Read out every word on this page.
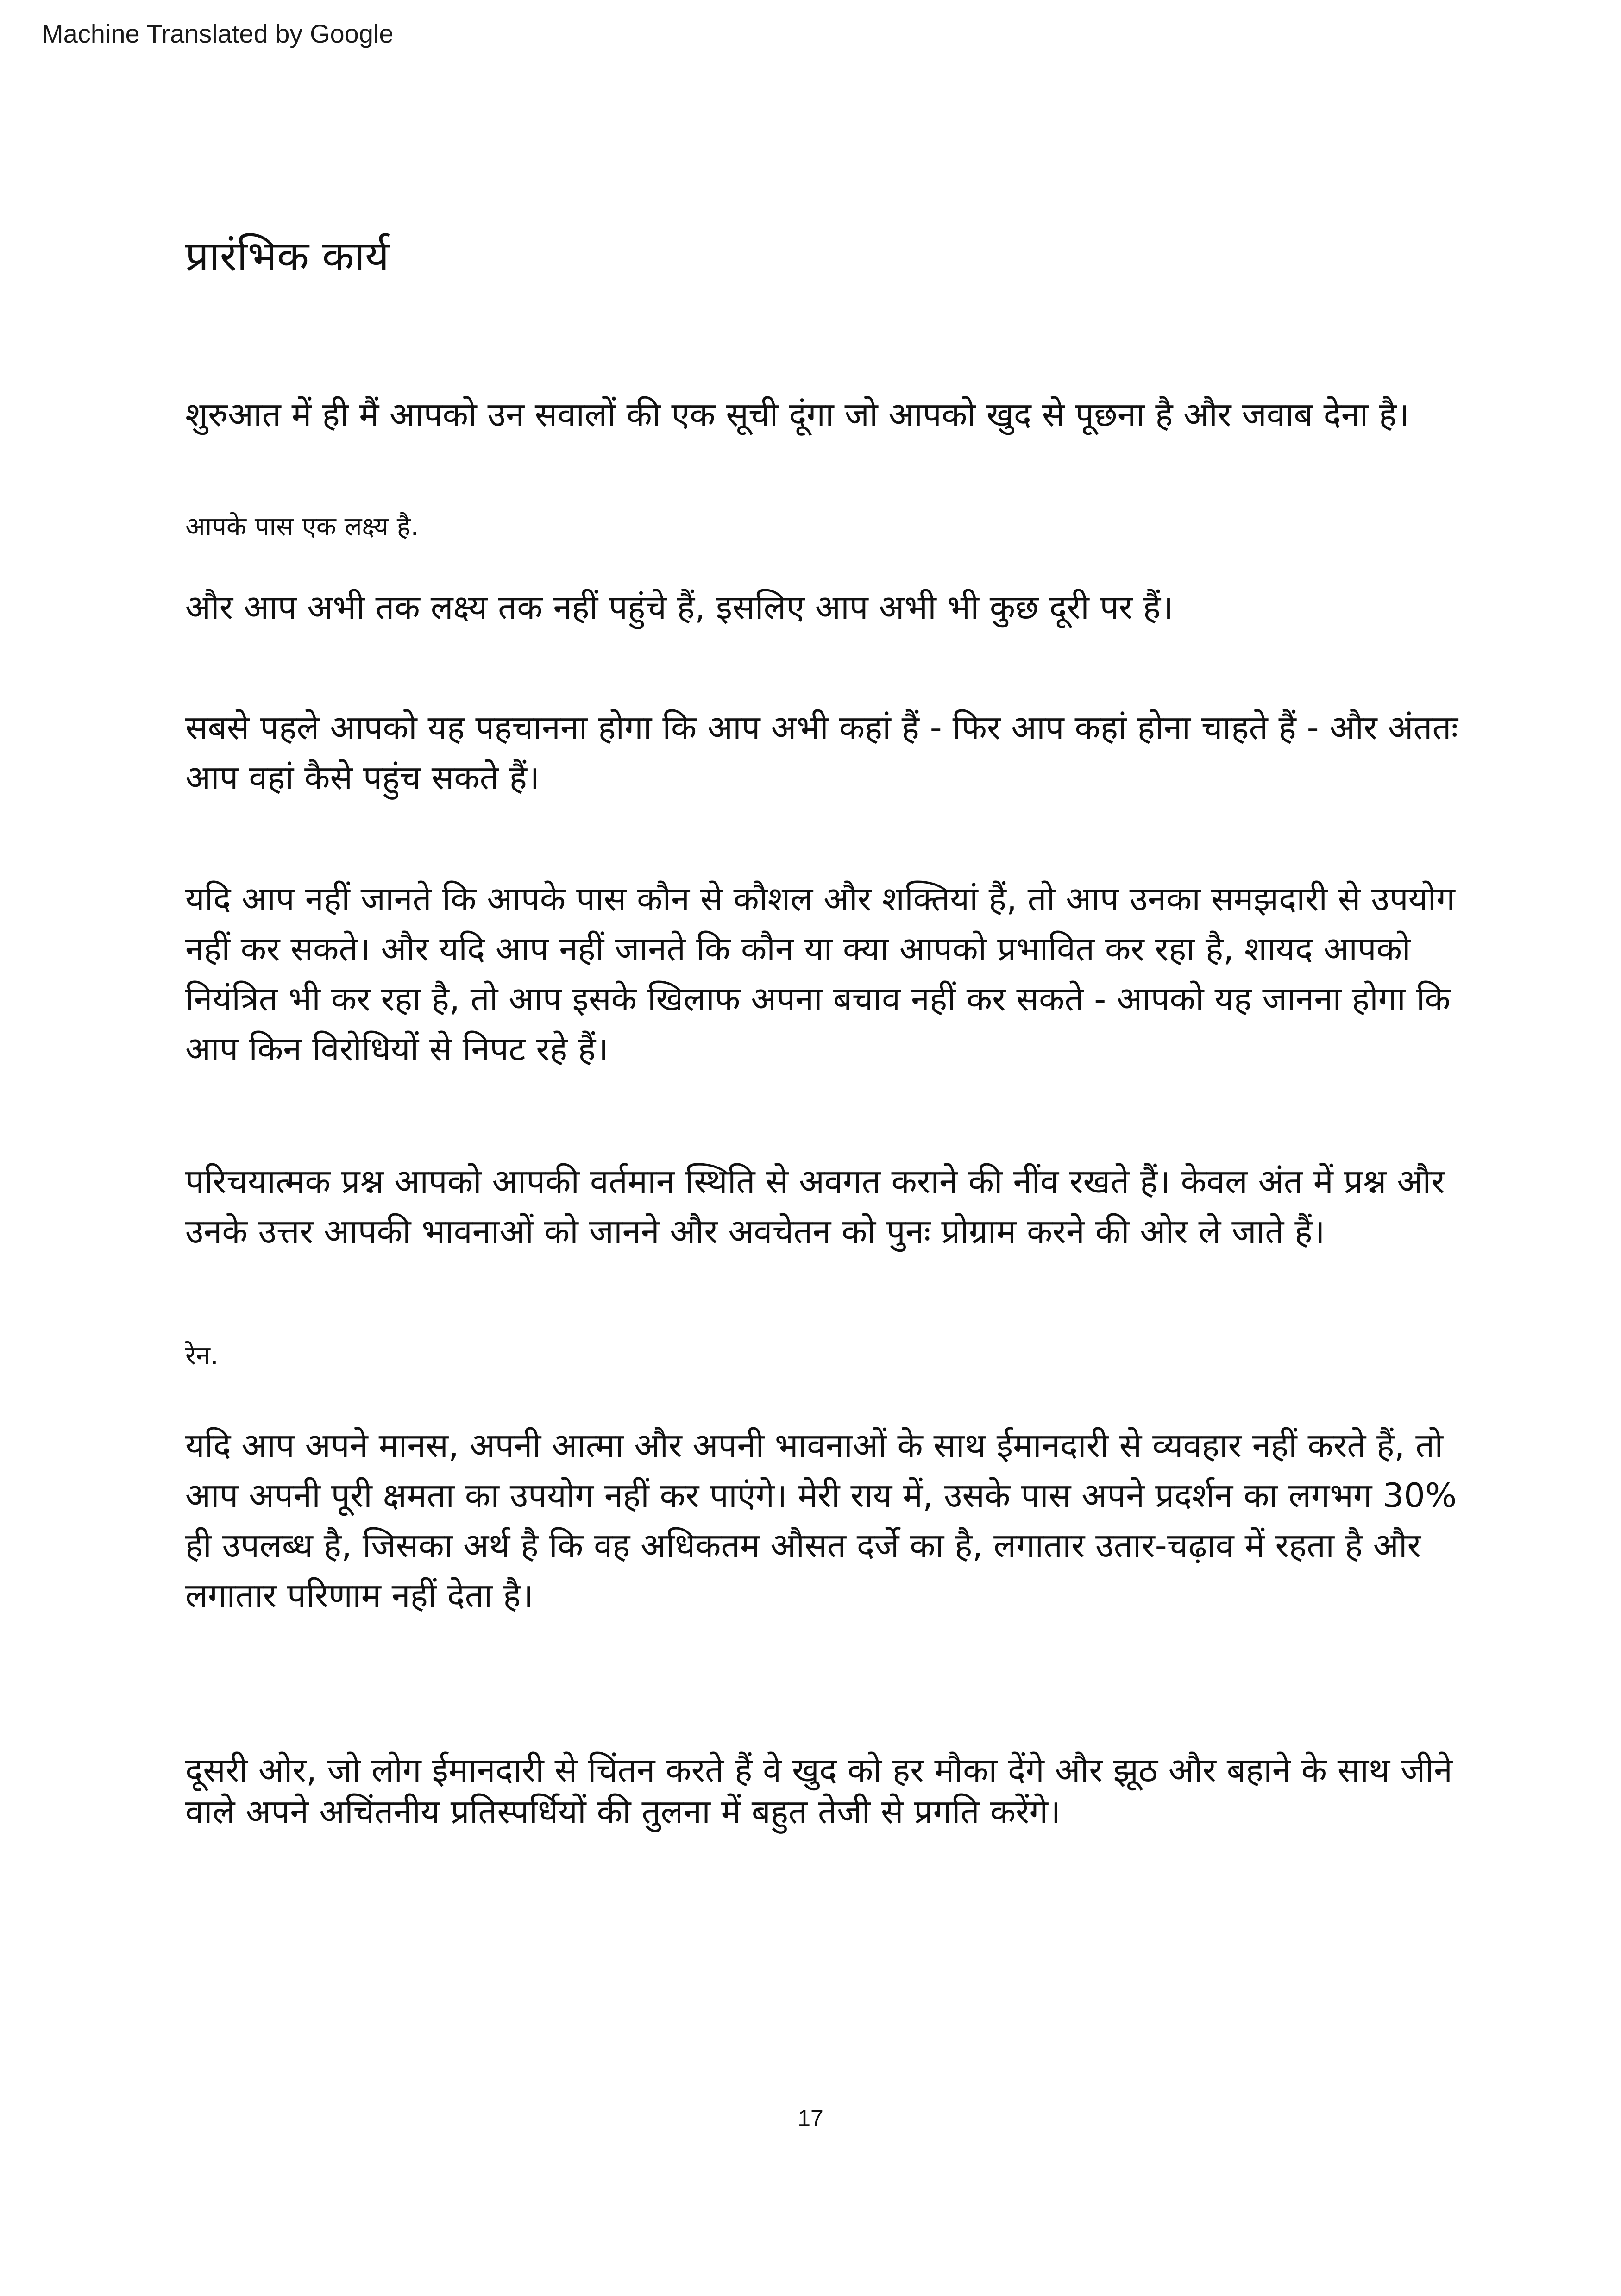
Machine Translated by Google
प्रारंभिक कार्य

शुरुआत में ही मैं आपको उन सवालों की एक सूची दूंगा जो आपको खुद से पूछना है और जवाब देना है।

आपके पास एक लक्ष्य है.

और आप अभी तक लक्ष्य तक नहीं पहुंचे हैं, इसलिए आप अभी भी कुछ दूरी पर हैं।

सबसे पहले आपको यह पहचानना होगा कि आप अभी कहां हैं - फिर आप कहां होना चाहते हैं - और अंततः आप वहां कैसे पहुंच सकते हैं।

यदि आप नहीं जानते कि आपके पास कौन से कौशल और शक्तियां हैं, तो आप उनका समझदारी से उपयोग नहीं कर सकते। और यदि आप नहीं जानते कि कौन या क्या आपको प्रभावित कर रहा है, शायद आपको नियंत्रित भी कर रहा है, तो आप इसके खिलाफ अपना बचाव नहीं कर सकते - आपको यह जानना होगा कि आप किन विरोधियों से निपट रहे हैं।

परिचयात्मक प्रश्न आपको आपकी वर्तमान स्थिति से अवगत कराने की नींव रखते हैं। केवल अंत में प्रश्न और उनके उत्तर आपकी भावनाओं को जानने और अवचेतन को पुनः प्रोग्राम करने की ओर ले जाते हैं।

रेन.

यदि आप अपने मानस, अपनी आत्मा और अपनी भावनाओं के साथ ईमानदारी से व्यवहार नहीं करते हैं, तो आप अपनी पूरी क्षमता का उपयोग नहीं कर पाएंगे। मेरी राय में, उसके पास अपने प्रदर्शन का लगभग 30% ही उपलब्ध है, जिसका अर्थ है कि वह अधिकतम औसत दर्जे का है, लगातार उतार-चढ़ाव में रहता है और लगातार परिणाम नहीं देता है।

दूसरी ओर, जो लोग ईमानदारी से चिंतन करते हैं वे खुद को हर मौका देंगे और झूठ और बहाने के साथ जीने वाले अपने अचिंतनीय प्रतिस्पर्धियों की तुलना में बहुत तेजी से प्रगति करेंगे।

17
